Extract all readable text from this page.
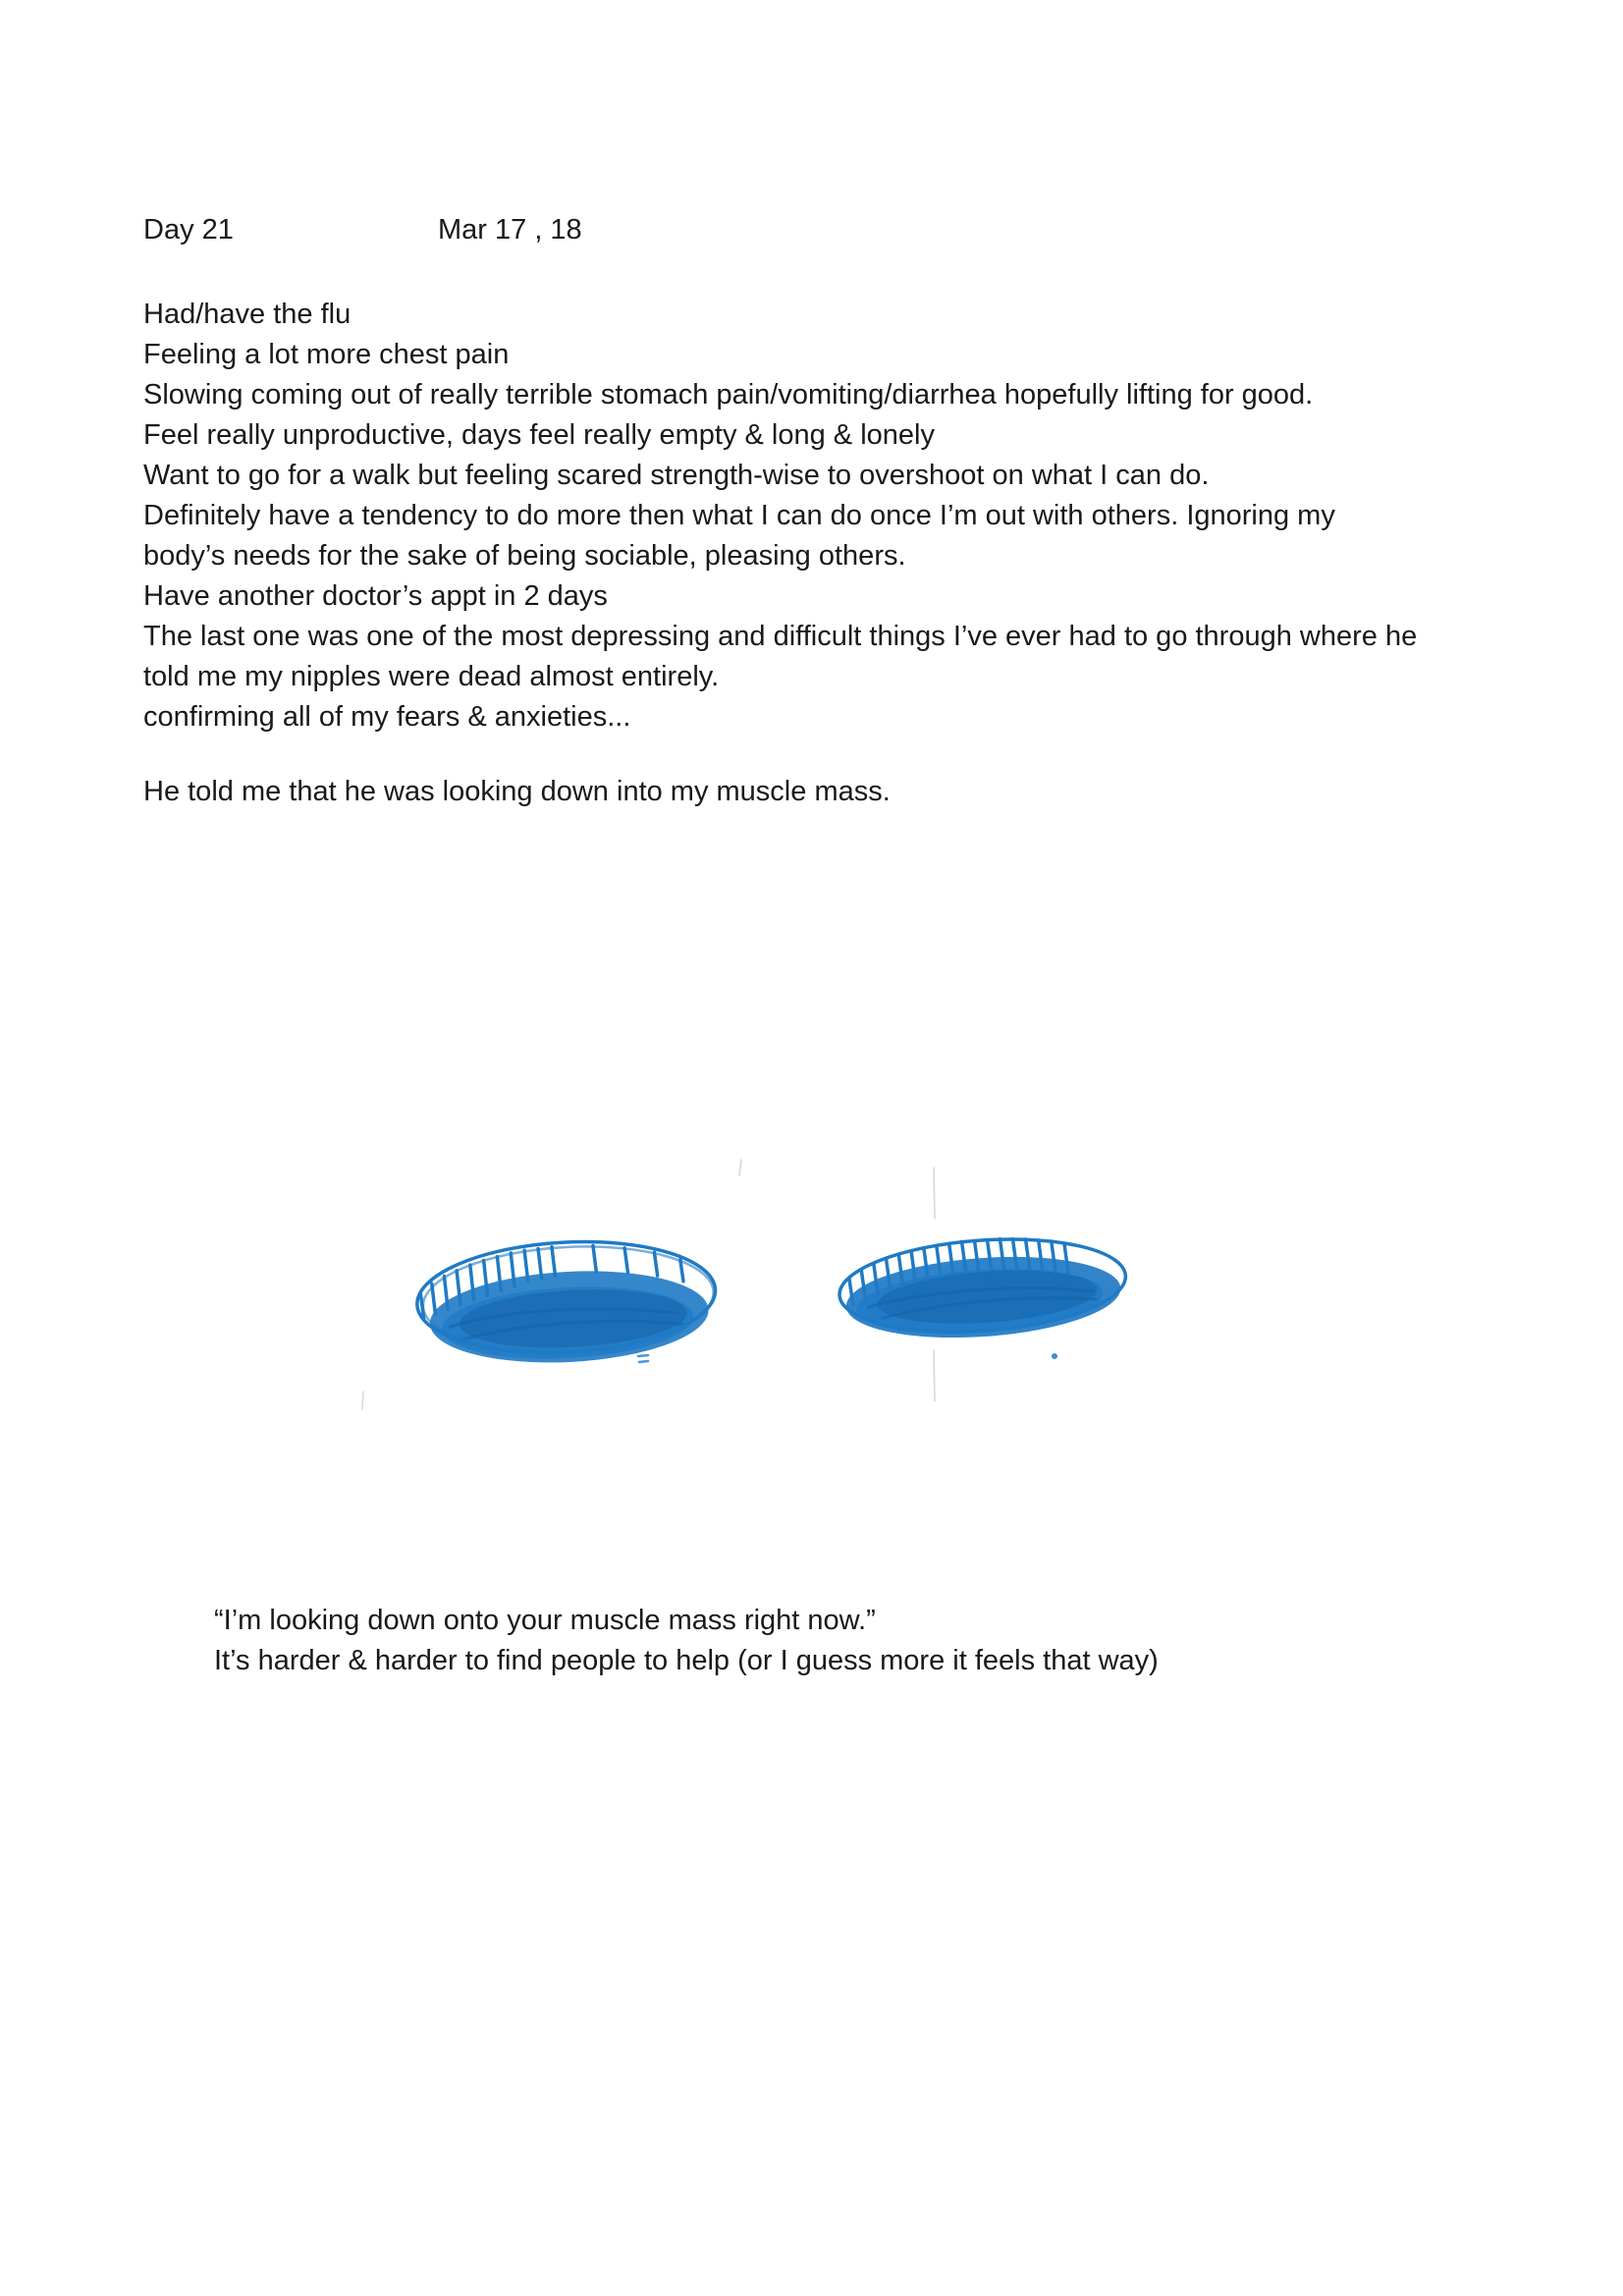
Day 21	Mar 17 , 18
Had/have the flu
Feeling a lot more chest pain
Slowing coming out of really terrible stomach pain/vomiting/diarrhea hopefully lifting for good.
Feel really unproductive, days feel really empty & long & lonely
Want to go for a walk but feeling scared strength-wise to overshoot on what I can do.
Definitely have a tendency to do more then what I can do once I’m out with others. Ignoring my
body’s needs for the sake of being sociable, pleasing others.
Have another doctor’s appt in 2 days
The last one was one of the most depressing and difficult things I’ve ever had to go through where he
told me my nipples were dead almost entirely.
confirming all of my fears & anxieties...
He told me that he was looking down into my muscle mass.
“I’m looking down onto your muscle mass right now.”
It’s harder & harder to find people to help (or I guess more it feels that way)
